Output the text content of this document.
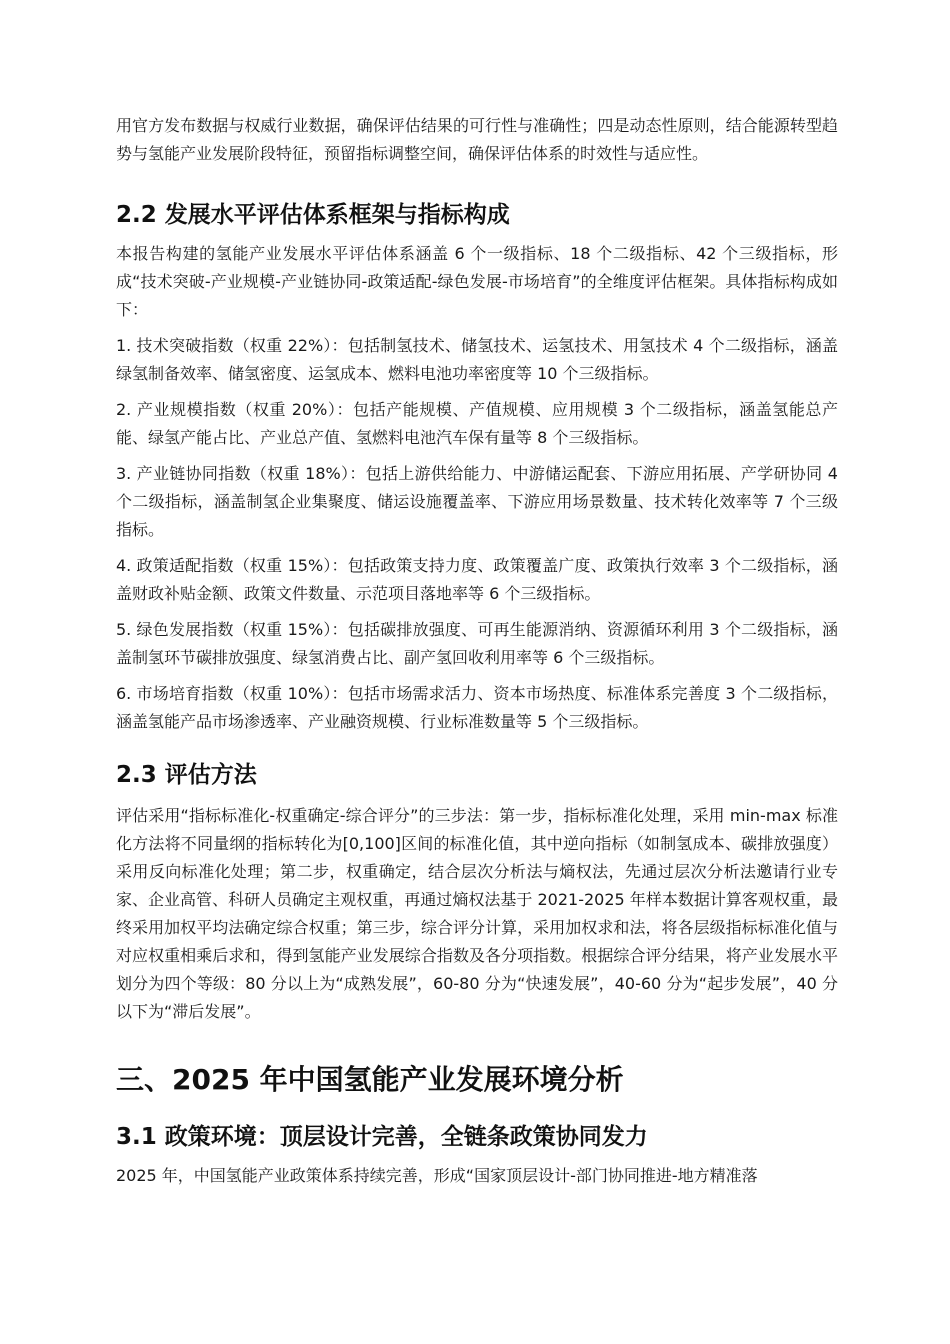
用官方发布数据与权威行业数据，确保评估结果的可行性与准确性；四是动态性原则，结合能源转型趋势与氢能产业发展阶段特征，预留指标调整空间，确保评估体系的时效性与适应性。

2.2 发展水平评估体系框架与指标构成

本报告构建的氢能产业发展水平评估体系涵盖 6 个一级指标、18 个二级指标、42 个三级指标，形成“技术突破-产业规模-产业链协同-政策适配-绿色发展-市场培育”的全维度评估框架。具体指标构成如下：

1. 技术突破指数（权重 22%）：包括制氢技术、储氢技术、运氢技术、用氢技术 4 个二级指标，涵盖绿氢制备效率、储氢密度、运氢成本、燃料电池功率密度等 10 个三级指标。

2. 产业规模指数（权重 20%）：包括产能规模、产值规模、应用规模 3 个二级指标，涵盖氢能总产能、绿氢产能占比、产业总产值、氢燃料电池汽车保有量等 8 个三级指标。

3. 产业链协同指数（权重 18%）：包括上游供给能力、中游储运配套、下游应用拓展、产学研协同 4 个二级指标，涵盖制氢企业集聚度、储运设施覆盖率、下游应用场景数量、技术转化效率等 7 个三级指标。

4. 政策适配指数（权重 15%）：包括政策支持力度、政策覆盖广度、政策执行效率 3 个二级指标，涵盖财政补贴金额、政策文件数量、示范项目落地率等 6 个三级指标。

5. 绿色发展指数（权重 15%）：包括碳排放强度、可再生能源消纳、资源循环利用 3 个二级指标，涵盖制氢环节碳排放强度、绿氢消费占比、副产氢回收利用率等 6 个三级指标。

6. 市场培育指数（权重 10%）：包括市场需求活力、资本市场热度、标准体系完善度 3 个二级指标，涵盖氢能产品市场渗透率、产业融资规模、行业标准数量等 5 个三级指标。

2.3 评估方法

评估采用“指标标准化-权重确定-综合评分”的三步法：第一步，指标标准化处理，采用 min-max 标准化方法将不同量纲的指标转化为[0,100]区间的标准化值，其中逆向指标（如制氢成本、碳排放强度）采用反向标准化处理；第二步，权重确定，结合层次分析法与熵权法，先通过层次分析法邀请行业专家、企业高管、科研人员确定主观权重，再通过熵权法基于 2021-2025 年样本数据计算客观权重，最终采用加权平均法确定综合权重；第三步，综合评分计算，采用加权求和法，将各层级指标标准化值与对应权重相乘后求和，得到氢能产业发展综合指数及各分项指数。根据综合评分结果，将产业发展水平划分为四个等级：80 分以上为“成熟发展”，60-80 分为“快速发展”，40-60 分为“起步发展”，40 分以下为“滞后发展”。

三、2025 年中国氢能产业发展环境分析
3.1 政策环境：顶层设计完善，全链条政策协同发力

2025 年，中国氢能产业政策体系持续完善，形成“国家顶层设计-部门协同推进-地方精准落
